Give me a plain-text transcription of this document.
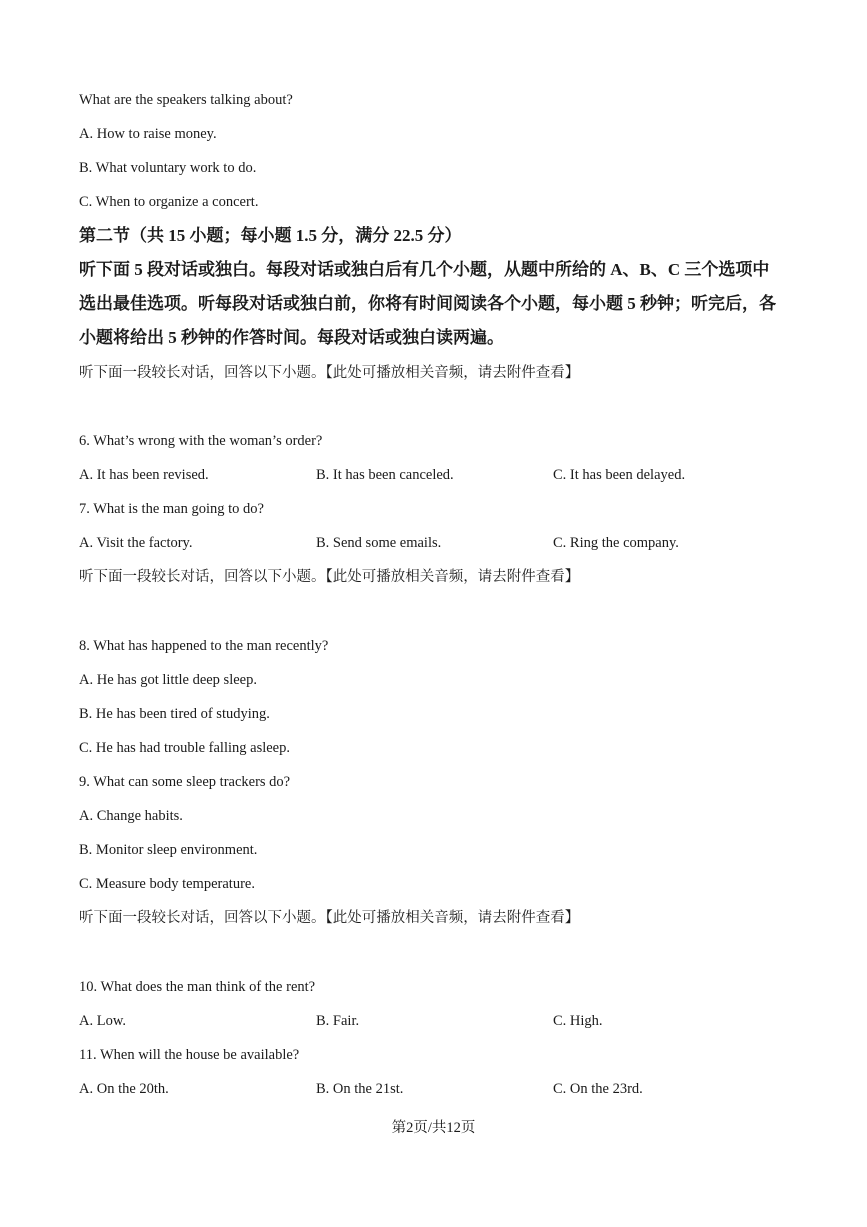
What are the speakers talking about?
A. How to raise money.
B. What voluntary work to do.
C. When to organize a concert.
第二节（共 15 小题；每小题 1.5 分，满分 22.5 分）
听下面 5 段对话或独白。每段对话或独白后有几个小题，从题中所给的 A、B、C 三个选项中
选出最佳选项。听每段对话或独白前，你将有时间阅读各个小题，每小题 5 秒钟；听完后，各
小题将给出 5 秒钟的作答时间。每段对话或独白读两遍。
听下面一段较长对话，回答以下小题。【此处可播放相关音频，请去附件查看】
6. What’s wrong with the woman’s order?
A. It has been revised.	B. It has been canceled.	C. It has been delayed.
7. What is the man going to do?
A. Visit the factory.	B. Send some emails.	C. Ring the company.
听下面一段较长对话，回答以下小题。【此处可播放相关音频，请去附件查看】
8. What has happened to the man recently?
A. He has got little deep sleep.
B. He has been tired of studying.
C. He has had trouble falling asleep.
9. What can some sleep trackers do?
A. Change habits.
B. Monitor sleep environment.
C. Measure body temperature.
听下面一段较长对话，回答以下小题。【此处可播放相关音频，请去附件查看】
10. What does the man think of the rent?
A. Low.	B. Fair.	C. High.
11. When will the house be available?
A. On the 20th.	B. On the 21st.	C. On the 23rd.
第2页/共12页
